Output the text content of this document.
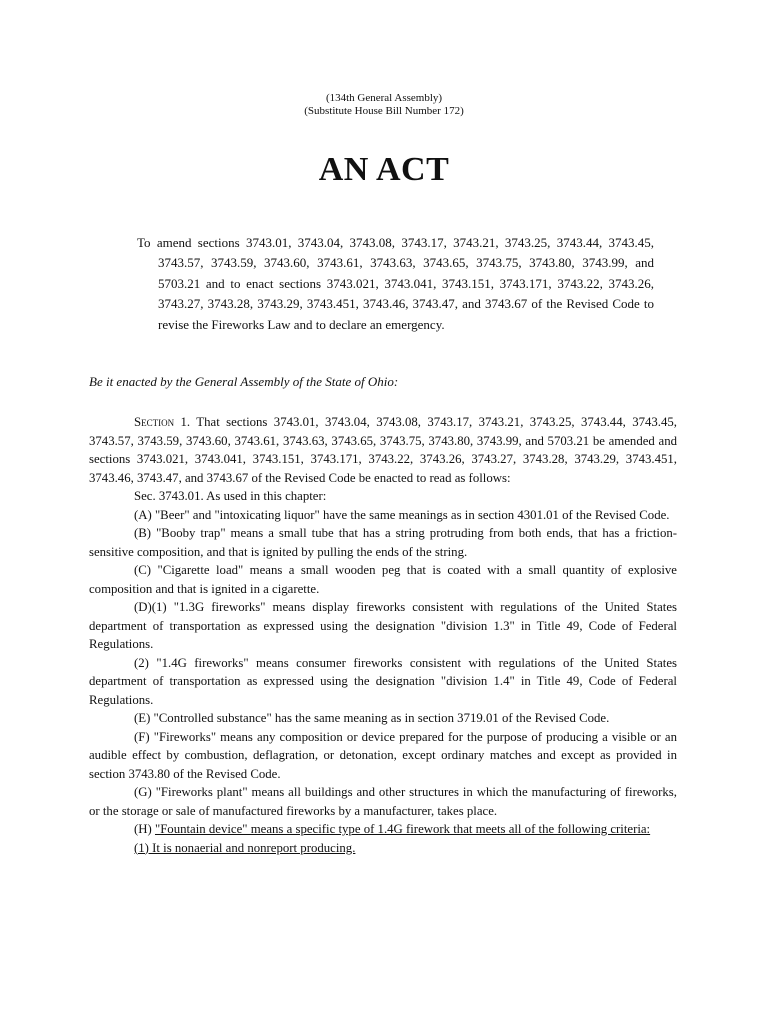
(134th General Assembly)
(Substitute House Bill Number 172)
AN ACT
To amend sections 3743.01, 3743.04, 3743.08, 3743.17, 3743.21, 3743.25, 3743.44, 3743.45, 3743.57, 3743.59, 3743.60, 3743.61, 3743.63, 3743.65, 3743.75, 3743.80, 3743.99, and 5703.21 and to enact sections 3743.021, 3743.041, 3743.151, 3743.171, 3743.22, 3743.26, 3743.27, 3743.28, 3743.29, 3743.451, 3743.46, 3743.47, and 3743.67 of the Revised Code to revise the Fireworks Law and to declare an emergency.
Be it enacted by the General Assembly of the State of Ohio:

Section 1. That sections 3743.01, 3743.04, 3743.08, 3743.17, 3743.21, 3743.25, 3743.44, 3743.45, 3743.57, 3743.59, 3743.60, 3743.61, 3743.63, 3743.65, 3743.75, 3743.80, 3743.99, and 5703.21 be amended and sections 3743.021, 3743.041, 3743.151, 3743.171, 3743.22, 3743.26, 3743.27, 3743.28, 3743.29, 3743.451, 3743.46, 3743.47, and 3743.67 of the Revised Code be enacted to read as follows:

Sec. 3743.01. As used in this chapter:

(A) "Beer" and "intoxicating liquor" have the same meanings as in section 4301.01 of the Revised Code.

(B) "Booby trap" means a small tube that has a string protruding from both ends, that has a friction-sensitive composition, and that is ignited by pulling the ends of the string.

(C) "Cigarette load" means a small wooden peg that is coated with a small quantity of explosive composition and that is ignited in a cigarette.

(D)(1) "1.3G fireworks" means display fireworks consistent with regulations of the United States department of transportation as expressed using the designation "division 1.3" in Title 49, Code of Federal Regulations.

(2) "1.4G fireworks" means consumer fireworks consistent with regulations of the United States department of transportation as expressed using the designation "division 1.4" in Title 49, Code of Federal Regulations.

(E) "Controlled substance" has the same meaning as in section 3719.01 of the Revised Code.

(F) "Fireworks" means any composition or device prepared for the purpose of producing a visible or an audible effect by combustion, deflagration, or detonation, except ordinary matches and except as provided in section 3743.80 of the Revised Code.

(G) "Fireworks plant" means all buildings and other structures in which the manufacturing of fireworks, or the storage or sale of manufactured fireworks by a manufacturer, takes place.

(H) "Fountain device" means a specific type of 1.4G firework that meets all of the following criteria:

(1) It is nonaerial and nonreport producing.
